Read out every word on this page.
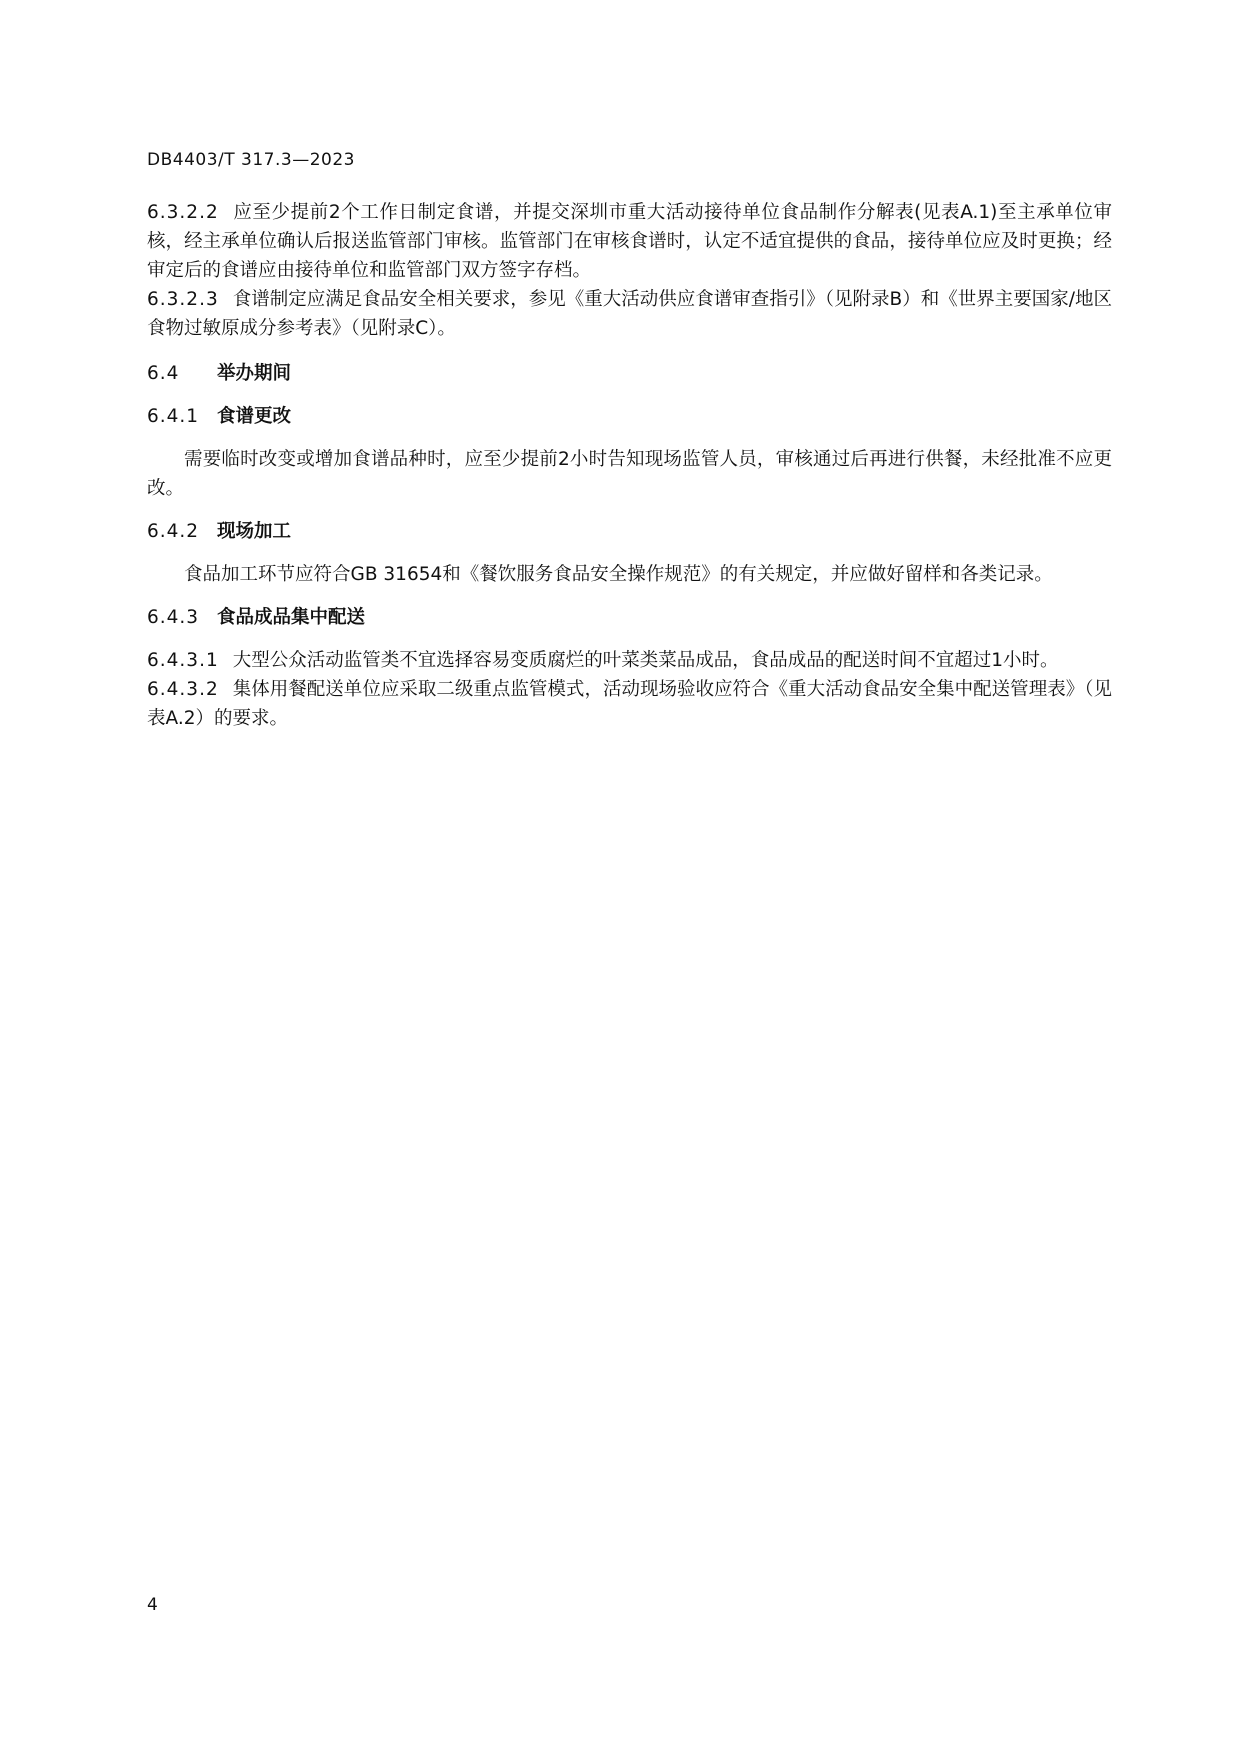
DB4403/T 317.3—2023

6.3.2.2 应至少提前2个工作日制定食谱，并提交深圳市重大活动接待单位食品制作分解表(见表A.1)至主承单位审核，经主承单位确认后报送监管部门审核。监管部门在审核食谱时，认定不适宜提供的食品，接待单位应及时更换；经审定后的食谱应由接待单位和监管部门双方签字存档。

6.3.2.3 食谱制定应满足食品安全相关要求，参见《重大活动供应食谱审查指引》（见附录B）和《世界主要国家/地区食物过敏原成分参考表》（见附录C）。

6.4 举办期间

6.4.1 食谱更改

需要临时改变或增加食谱品种时，应至少提前2小时告知现场监管人员，审核通过后再进行供餐，未经批准不应更改。

6.4.2 现场加工

食品加工环节应符合GB 31654和《餐饮服务食品安全操作规范》的有关规定，并应做好留样和各类记录。

6.4.3 食品成品集中配送

6.4.3.1 大型公众活动监管类不宜选择容易变质腐烂的叶菜类菜品成品，食品成品的配送时间不宜超过1小时。

6.4.3.2 集体用餐配送单位应采取二级重点监管模式，活动现场验收应符合《重大活动食品安全集中配送管理表》（见表A.2）的要求。

4
